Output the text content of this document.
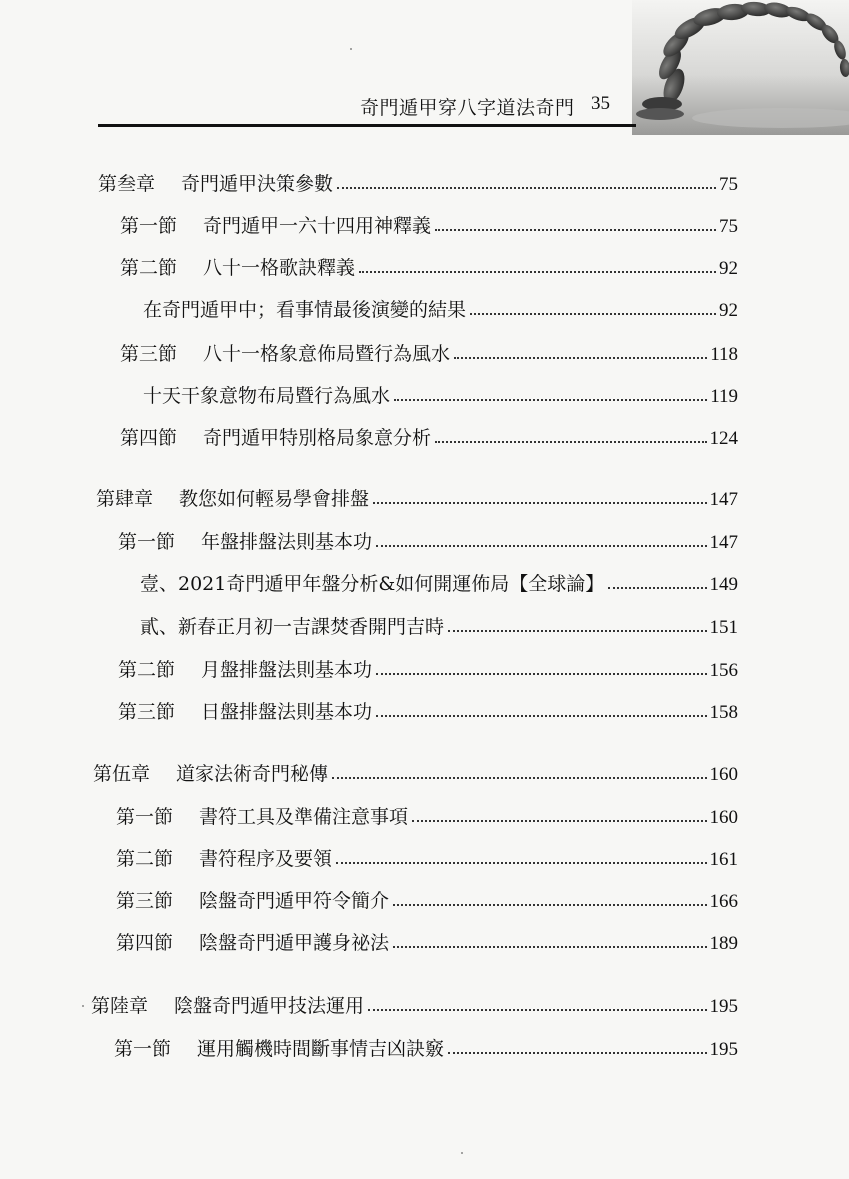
奇門遁甲穿八字道法奇門 35
第叁章 奇門遁甲決策參數	75
第一節 奇門遁甲一六十四用神釋義	75
第二節 八十一格歌訣釋義	92
在奇門遁甲中；看事情最後演變的結果	92
第三節 八十一格象意佈局暨行為風水	118
十天干象意物布局暨行為風水	119
第四節 奇門遁甲特別格局象意分析	124
第肆章 教您如何輕易學會排盤	147
第一節 年盤排盤法則基本功	147
壹、2021奇門遁甲年盤分析&如何開運佈局【全球論】	149
貳、新春正月初一吉課焚香開門吉時	151
第二節 月盤排盤法則基本功	156
第三節 日盤排盤法則基本功	158
第伍章 道家法術奇門秘傳	160
第一節 書符工具及準備注意事項	160
第二節 書符程序及要領	161
第三節 陰盤奇門遁甲符令簡介	166
第四節 陰盤奇門遁甲護身祕法	189
第陸章 陰盤奇門遁甲技法運用	195
第一節 運用觸機時間斷事情吉凶訣竅	195
